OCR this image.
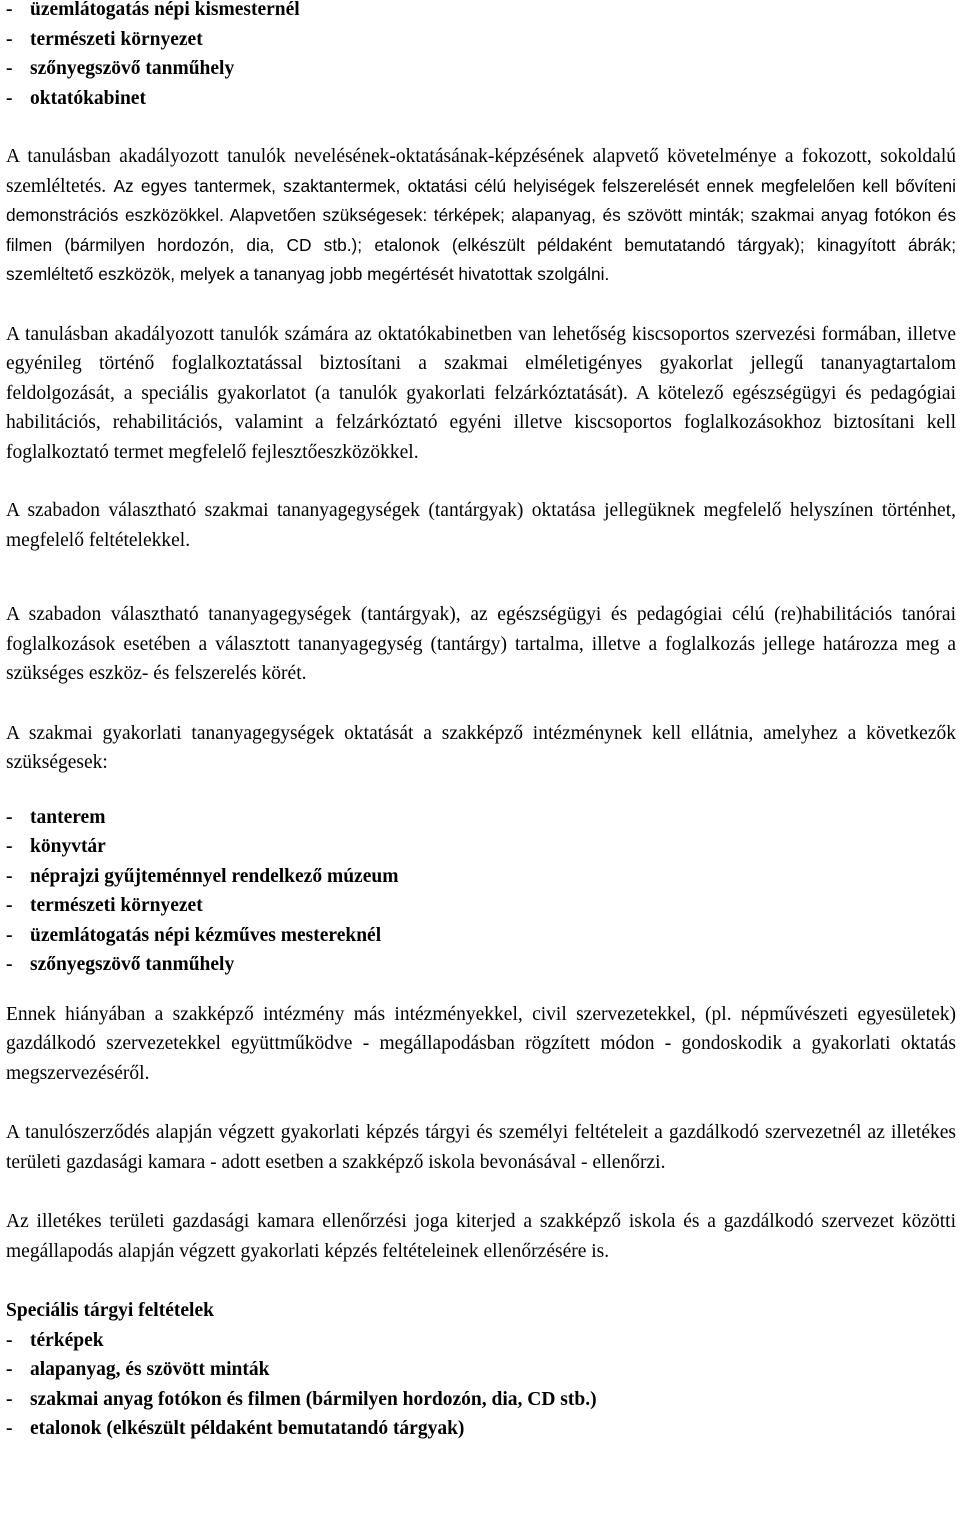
- üzemlátogatás népi kismesternél
- természeti környezet
- szőnyegszövő tanműhely
- oktatókabinet

A tanulásban akadályozott tanulók nevelésének-oktatásának-képzésének alapvető követelménye a fokozott, sokoldalú szemléltetés. Az egyes tantermek, szaktantermek, oktatási célú helyiségek felszerelését ennek megfelelően kell bővíteni demonstrációs eszközökkel. Alapvetően szükségesek: térképek; alapanyag, és szövött minták; szakmai anyag fotókon és filmen (bármilyen hordozón, dia, CD stb.); etalonok (elkészült példaként bemutatandó tárgyak); kinagyított ábrák; szemléltető eszközök, melyek a tananyag jobb megértését hivatottak szolgálni.

A tanulásban akadályozott tanulók számára az oktatókabinetben van lehetőség kiscsoportos szervezési formában, illetve egyénileg történő foglalkoztatással biztosítani a szakmai elméletigényes gyakorlat jellegű tananyagtartalom feldolgozását, a speciális gyakorlatot (a tanulók gyakorlati felzárkóztatását). A kötelező egészségügyi és pedagógiai habilitációs, rehabilitációs, valamint a felzárkóztató egyéni illetve kiscsoportos foglalkozásokhoz biztosítani kell foglalkoztató termet megfelelő fejlesztőeszközökkel.

A szabadon választható szakmai tananyagegységek (tantárgyak) oktatása jellegüknek megfelelő helyszínen történhet, megfelelő feltételekkel.

A szabadon választható tananyagegységek (tantárgyak), az egészségügyi és pedagógiai célú (re)habilitációs tanórai foglalkozások esetében a választott tananyagegység (tantárgy) tartalma, illetve a foglalkozás jellege határozza meg a szükséges eszköz- és felszerelés körét.

A szakmai gyakorlati tananyagegységek oktatását a szakképző intézménynek kell ellátnia, amelyhez a következők szükségesek:

- tanterem
- könyvtár
- néprajzi gyűjteménnyel rendelkező múzeum
- természeti környezet
- üzemlátogatás népi kézműves mestereknél
- szőnyegszövő tanműhely

Ennek hiányában a szakképző intézmény más intézményekkel, civil szervezetekkel, (pl. népművészeti egyesületek) gazdálkodó szervezetekkel együttműködve - megállapodásban rögzített módon - gondoskodik a gyakorlati oktatás megszervezéséről.

A tanulószerződés alapján végzett gyakorlati képzés tárgyi és személyi feltételeit a gazdálkodó szervezetnél az illetékes területi gazdasági kamara - adott esetben a szakképző iskola bevonásával - ellenőrzi.

Az illetékes területi gazdasági kamara ellenőrzési joga kiterjed a szakképző iskola és a gazdálkodó szervezet közötti megállapodás alapján végzett gyakorlati képzés feltételeinek ellenőrzésére is.

Speciális tárgyi feltételek
- térképek
- alapanyag, és szövött minták
- szakmai anyag fotókon és filmen (bármilyen hordozón, dia, CD stb.)
- etalonok (elkészült példaként bemutatandó tárgyak)
